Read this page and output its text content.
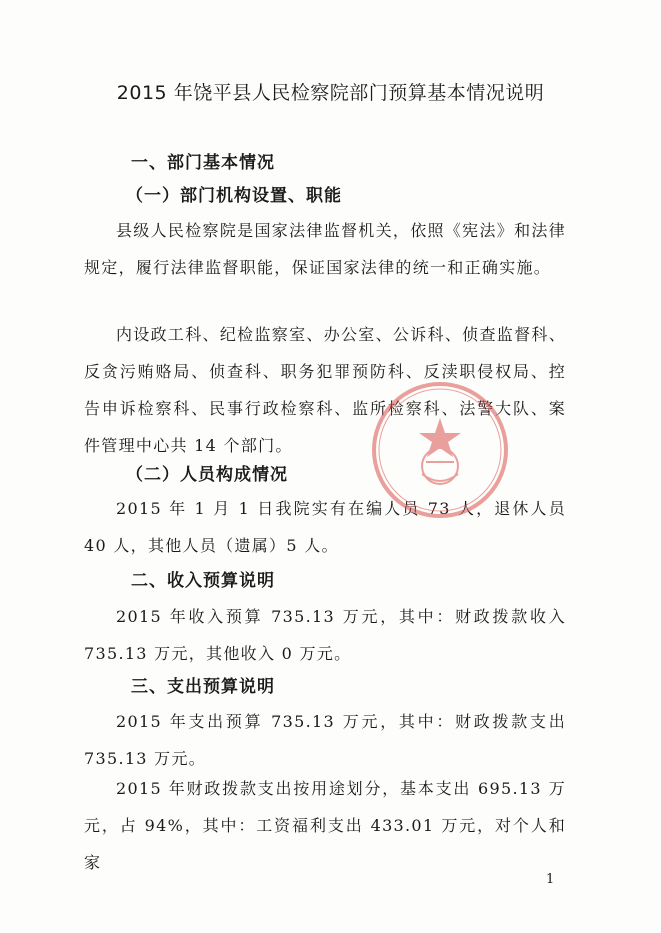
2015 年饶平县人民检察院部门预算基本情况说明
一、部门基本情况
（一）部门机构设置、职能
县级人民检察院是国家法律监督机关，依照《宪法》和法律规定，履行法律监督职能，保证国家法律的统一和正确实施。
内设政工科、纪检监察室、办公室、公诉科、侦查监督科、反贪污贿赂局、侦查科、职务犯罪预防科、反渎职侵权局、控告申诉检察科、民事行政检察科、监所检察科、法警大队、案件管理中心共 14 个部门。
（二）人员构成情况
2015 年 1 月 1 日我院实有在编人员 73 人，退休人员 40 人，其他人员（遗属）5 人。
二、收入预算说明
2015 年收入预算 735.13 万元，其中：财政拨款收入 735.13 万元，其他收入 0 万元。
三、支出预算说明
2015 年支出预算 735.13 万元，其中：财政拨款支出 735.13 万元。
2015 年财政拨款支出按用途划分，基本支出 695.13 万元，占 94%，其中：工资福利支出 433.01 万元，对个人和家
1
